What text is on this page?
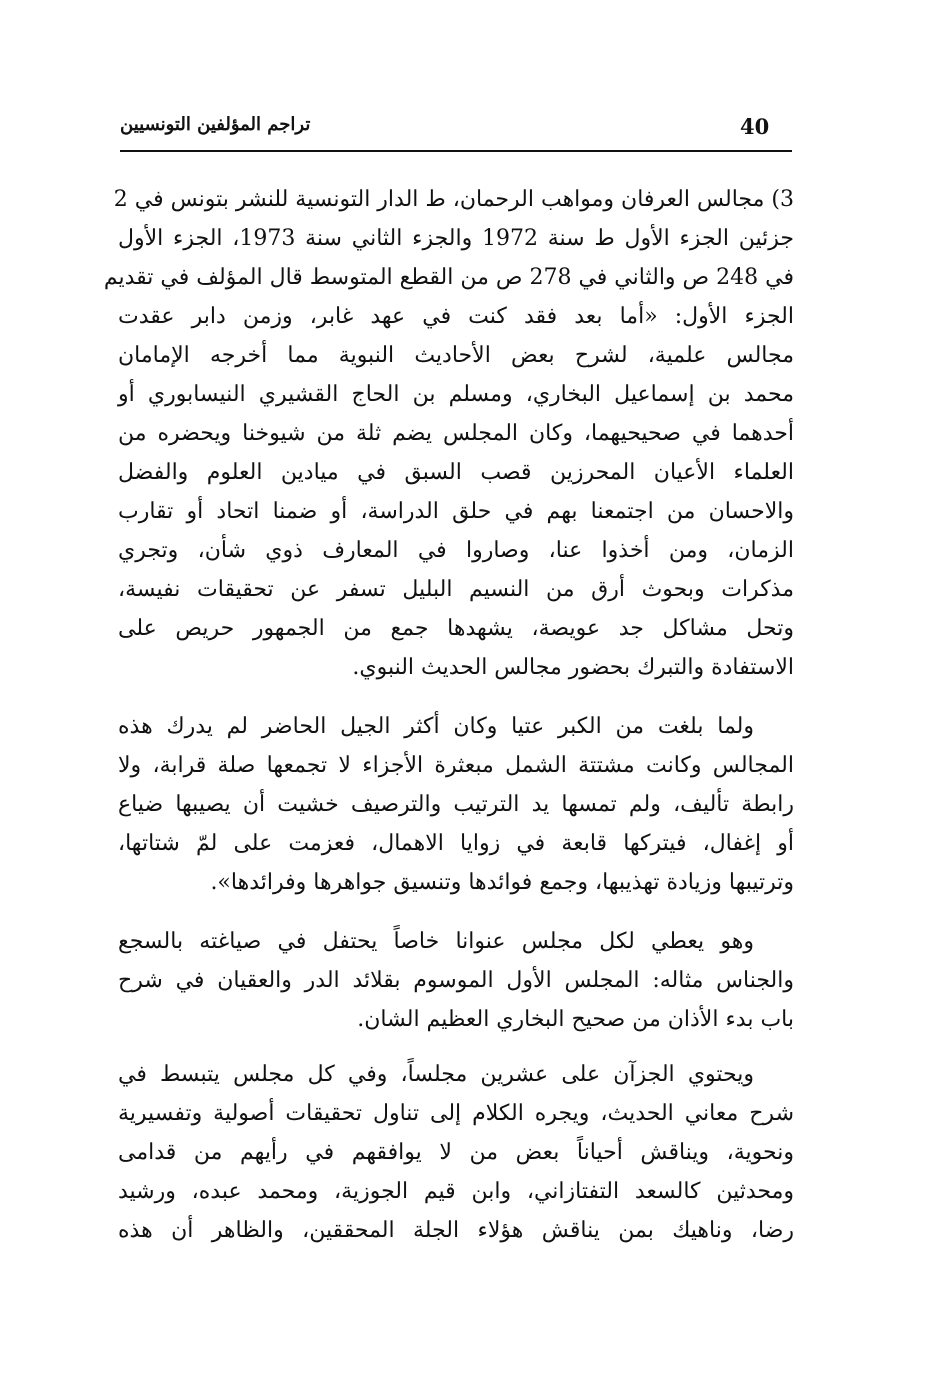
تراجم المؤلفين التونسيين	40
3) مجالس العرفان ومواهب الرحمان، ط الدار التونسية للنشر بتونس في 2
جزئين الجزء الأول ط سنة 1972 والجزء الثاني سنة 1973، الجزء الأول
في 248 ص والثاني في 278 ص من القطع المتوسط قال المؤلف في تقديم
الجزء الأول: «أما بعد فقد كنت في عهد غابر، وزمن دابر عقدت
مجالس علمية، لشرح بعض الأحاديث النبوية مما أخرجه الإمامان
محمد بن إسماعيل البخاري، ومسلم بن الحاج القشيري النيسابوري أو
أحدهما في صحيحيهما، وكان المجلس يضم ثلة من شيوخنا ويحضره من
العلماء الأعيان المحرزين قصب السبق في ميادين العلوم والفضل
والاحسان من اجتمعنا بهم في حلق الدراسة، أو ضمنا اتحاد أو تقارب
الزمان، ومن أخذوا عنا، وصاروا في المعارف ذوي شأن، وتجري
مذكرات وبحوث أرق من النسيم البليل تسفر عن تحقيقات نفيسة،
وتحل مشاكل جد عويصة، يشهدها جمع من الجمهور حريص على
الاستفادة والتبرك بحضور مجالس الحديث النبوي.
ولما بلغت من الكبر عتيا وكان أكثر الجيل الحاضر لم يدرك هذه
المجالس وكانت مشتتة الشمل مبعثرة الأجزاء لا تجمعها صلة قرابة، ولا
رابطة تأليف، ولم تمسها يد الترتيب والترصيف خشيت أن يصيبها ضياع
أو إغفال، فيتركها قابعة في زوايا الاهمال، فعزمت على لمّ شتاتها،
وترتيبها وزيادة تهذيبها، وجمع فوائدها وتنسيق جواهرها وفرائدها».
وهو يعطي لكل مجلس عنوانا خاصاً يحتفل في صياغته بالسجع
والجناس مثاله: المجلس الأول الموسوم بقلائد الدر والعقيان في شرح
باب بدء الأذان من صحيح البخاري العظيم الشان.
ويحتوي الجزآن على عشرين مجلساً، وفي كل مجلس يتبسط في
شرح معاني الحديث، ويجره الكلام إلى تناول تحقيقات أصولية وتفسيرية
ونحوية، ويناقش أحياناً بعض من لا يوافقهم في رأيهم من قدامى
ومحدثين كالسعد التفتازاني، وابن قيم الجوزية، ومحمد عبده، ورشيد
رضا، وناهيك بمن يناقش هؤلاء الجلة المحققين، والظاهر أن هذه
